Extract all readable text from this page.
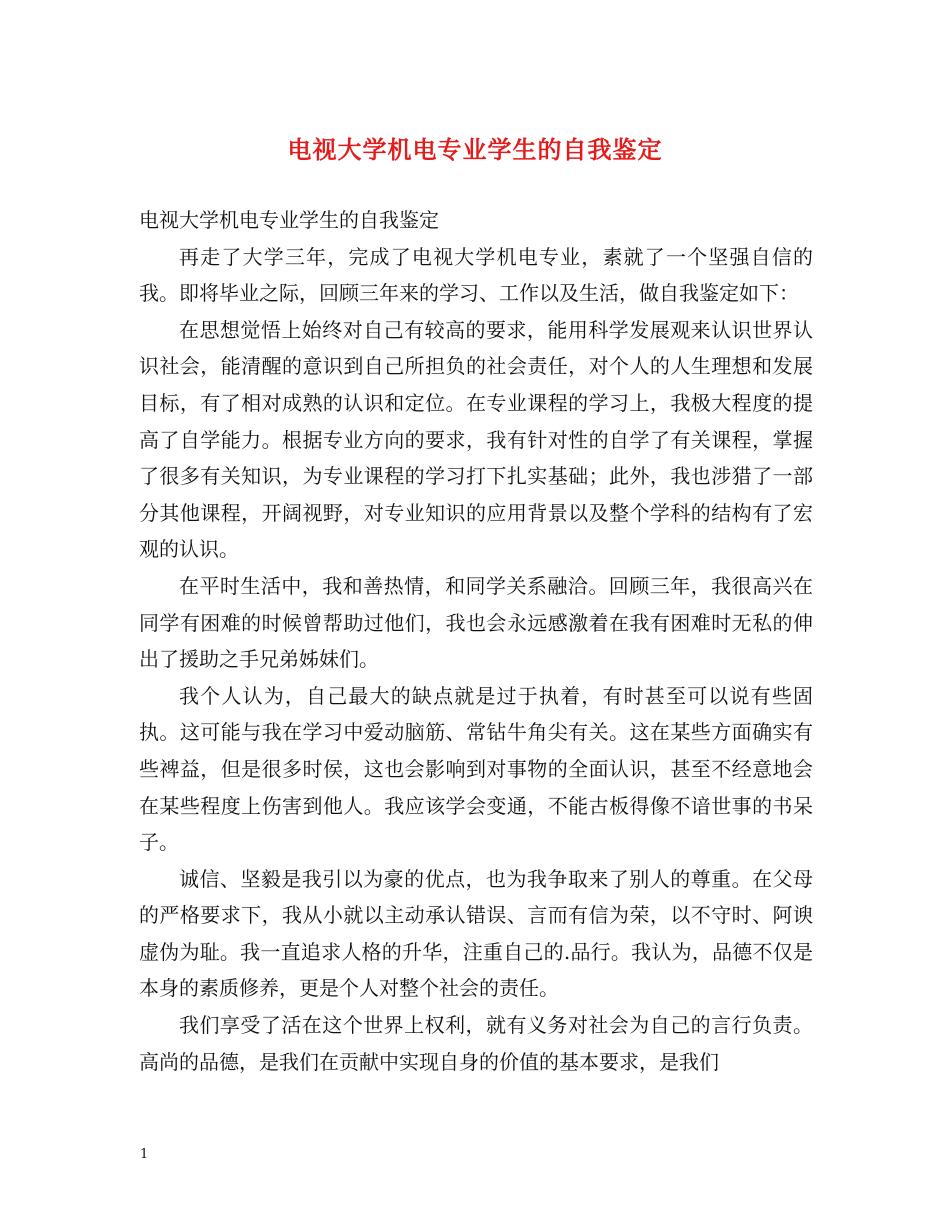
电视大学机电专业学生的自我鉴定

电视大学机电专业学生的自我鉴定

再走了大学三年，完成了电视大学机电专业，素就了一个坚强自信的我。即将毕业之际，回顾三年来的学习、工作以及生活，做自我鉴定如下：

在思想觉悟上始终对自己有较高的要求，能用科学发展观来认识世界认识社会，能清醒的意识到自己所担负的社会责任，对个人的人生理想和发展目标，有了相对成熟的认识和定位。在专业课程的学习上，我极大程度的提高了自学能力。根据专业方向的要求，我有针对性的自学了有关课程，掌握了很多有关知识，为专业课程的学习打下扎实基础；此外，我也涉猎了一部分其他课程，开阔视野，对专业知识的应用背景以及整个学科的结构有了宏观的认识。

在平时生活中，我和善热情，和同学关系融洽。回顾三年，我很高兴在同学有困难的时候曾帮助过他们，我也会永远感激着在我有困难时无私的伸出了援助之手兄弟姊妹们。

我个人认为，自己最大的缺点就是过于执着，有时甚至可以说有些固执。这可能与我在学习中爱动脑筋、常钻牛角尖有关。这在某些方面确实有些裨益，但是很多时侯，这也会影响到对事物的全面认识，甚至不经意地会在某些程度上伤害到他人。我应该学会变通，不能古板得像不谙世事的书呆子。

诚信、坚毅是我引以为豪的优点，也为我争取来了别人的尊重。在父母的严格要求下，我从小就以主动承认错误、言而有信为荣，以不守时、阿谀虚伪为耻。我一直追求人格的升华，注重自己的.品行。我认为，品德不仅是本身的素质修养，更是个人对整个社会的责任。

我们享受了活在这个世界上权利，就有义务对社会为自己的言行负责。高尚的品德，是我们在贡献中实现自身的价值的基本要求，是我们

1
